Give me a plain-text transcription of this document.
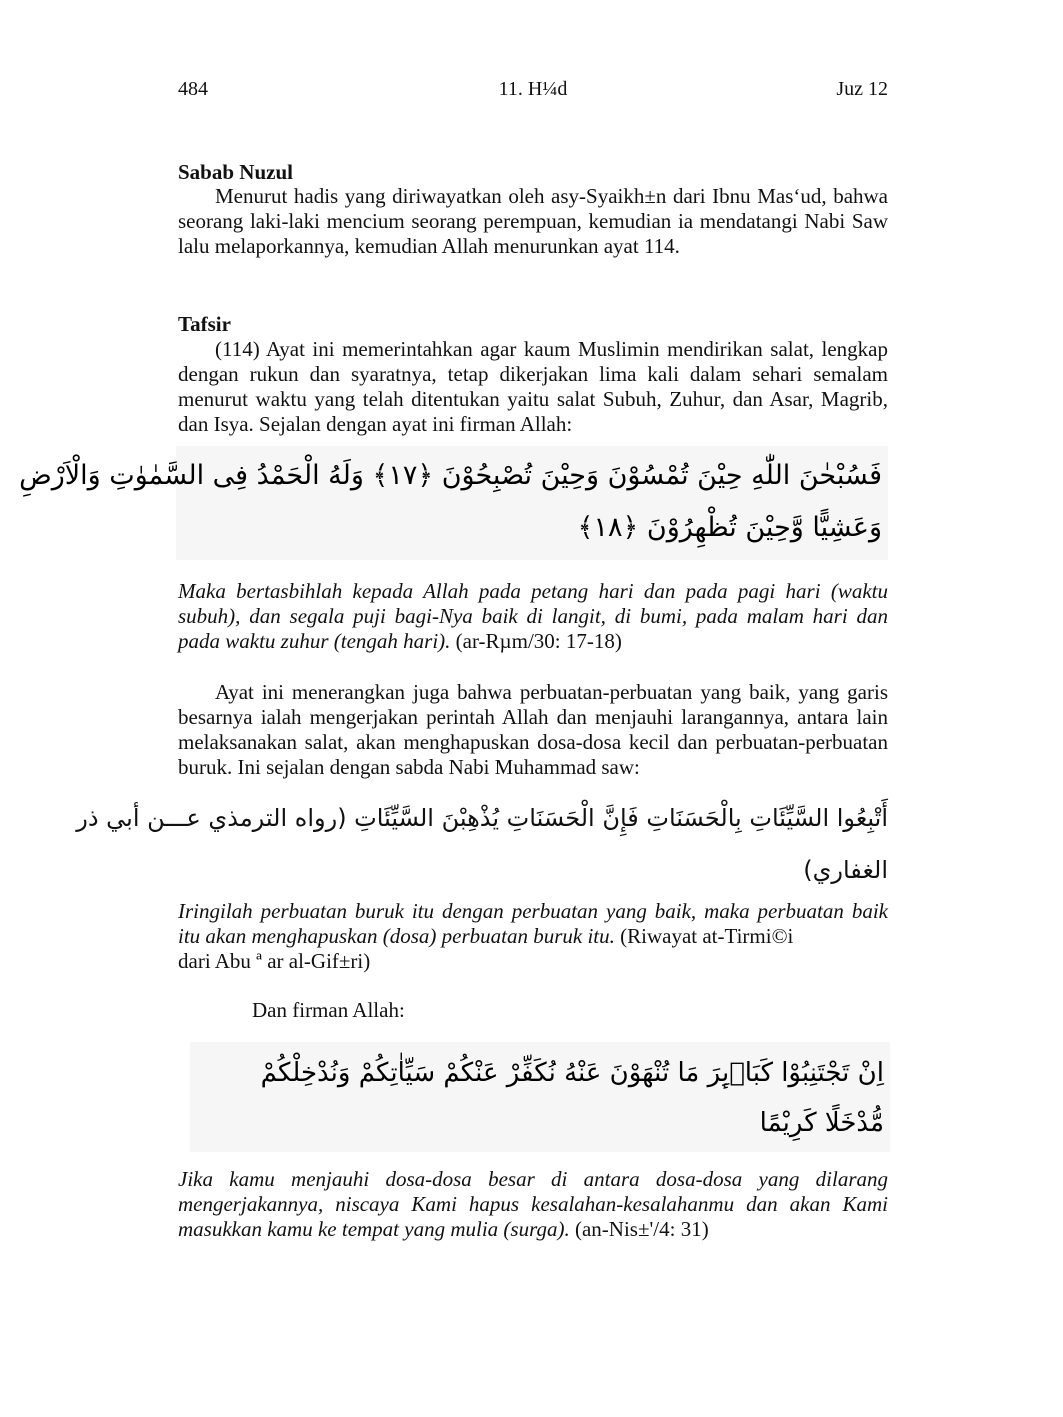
484	11. H¼d	Juz 12
Sabab Nuzul
Menurut hadis yang diriwayatkan oleh asy-Syaikh±n dari Ibnu Mas‘ud, bahwa seorang laki-laki mencium seorang perempuan, kemudian ia mendatangi Nabi Saw lalu melaporkannya, kemudian Allah menurunkan ayat 114.
Tafsir
(114) Ayat ini memerintahkan agar kaum Muslimin mendirikan salat, lengkap dengan rukun dan syaratnya, tetap dikerjakan lima kali dalam sehari semalam menurut waktu yang telah ditentukan yaitu salat Subuh, Zuhur, dan Asar, Magrib, dan Isya. Sejalan dengan ayat ini firman Allah:
فَسُبْحٰنَ اللّٰهِ حِيْنَ تُمْسُوْنَ وَحِيْنَ تُصْبِحُوْنَ ﴿١٧﴾ وَلَهُ الْحَمْدُ فِى السَّمٰوٰتِ وَالْاَرْضِ
وَعَشِيًّا وَّحِيْنَ تُظْهِرُوْنَ ﴿١٨﴾
Maka bertasbihlah kepada Allah pada petang hari dan pada pagi hari (waktu subuh), dan segala puji bagi-Nya baik di langit, di bumi, pada malam hari dan pada waktu zuhur (tengah hari). (ar-Rµm/30: 17-18)
Ayat ini menerangkan juga bahwa perbuatan-perbuatan yang baik, yang garis besarnya ialah mengerjakan perintah Allah dan menjauhi larangannya, antara lain melaksanakan salat, akan menghapuskan dosa-dosa kecil dan perbuatan-perbuatan buruk. Ini sejalan dengan sabda Nabi Muhammad saw:
أَتْبِعُوا السَّيِّئَاتِ بِالْحَسَنَاتِ فَإِنَّ الْحَسَنَاتِ يُذْهِبْنَ السَّيِّئَاتِ (رواه الترمذي عـــن أبي ذر
الغفاري)
Iringilah perbuatan buruk itu dengan perbuatan yang baik, maka perbuatan baik itu akan menghapuskan (dosa) perbuatan buruk itu. (Riwayat at-Tirmi©i
dari Abu ª ar al-Gif±ri)
Dan firman Allah:
اِنْ تَجْتَنِبُوْا كَبَاۤىِٕرَ مَا تُنْهَوْنَ عَنْهُ نُكَفِّرْ عَنْكُمْ سَيِّاٰتِكُمْ وَنُدْخِلْكُمْ
مُّدْخَلًا كَرِيْمًا
Jika kamu menjauhi dosa-dosa besar di antara dosa-dosa yang dilarang mengerjakannya, niscaya Kami hapus kesalahan-kesalahanmu dan akan Kami masukkan kamu ke tempat yang mulia (surga). (an-Nis±'/4: 31)
